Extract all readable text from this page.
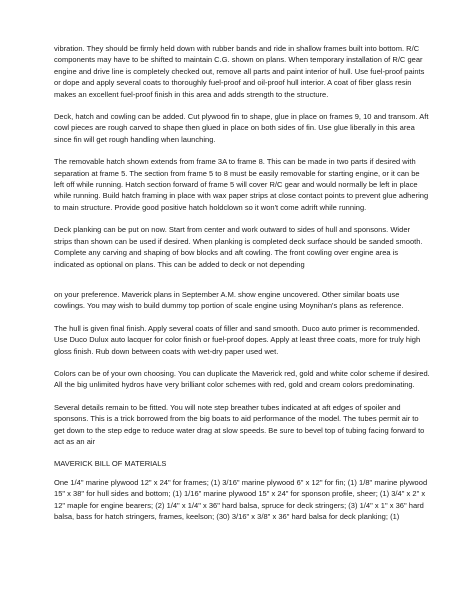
vibration. They should be firmly held down with rubber bands and ride in shallow frames built into bottom. R/C components may have to be shifted to maintain C.G. shown on plans. When temporary installation of R/C gear engine and drive line is completely checked out, remove all parts and paint interior of hull. Use fuel-proof paints or dope and apply several coats to thoroughly fuel-proof and oil-proof hull interior. A coat of fiber glass resin makes an excellent fuel-proof finish in this area and adds strength to the structure.

Deck, hatch and cowling can be added. Cut plywood fin to shape, glue in place on frames 9, 10 and transom. Aft cowl pieces are rough carved to shape then glued in place on both sides of fin. Use glue liberally in this area since fin will get rough handling when launching.

The removable hatch shown extends from frame 3A to frame 8. This can be made in two parts if desired with separation at frame 5. The section from frame 5 to 8 must be easily removable for starting engine, or it can be left off while running. Hatch section forward of frame 5 will cover R/C gear and would normally be left in place while running. Build hatch framing in place with wax paper strips at close contact points to prevent glue adhering to main structure. Provide good positive hatch holdclown so it won't come adrift while running.

Deck planking can be put on now. Start from center and work outward to sides of hull and sponsons. Wider strips than shown can be used if desired. When planking is completed deck surface should be sanded smooth. Complete any carving and shaping of bow blocks and aft cowling. The front cowling over engine area is indicated as optional on plans. This can be added to deck or not depending

on your preference. Maverick plans in September A.M. show engine uncovered. Other similar boats use cowlings. You may wish to build dummy top portion of scale engine using Moynihan's plans as reference.

The hull is given final finish. Apply several coats of filler and sand smooth. Duco auto primer is recommended. Use Duco Dulux auto lacquer for color finish or fuel-proof dopes. Apply at least three coats, more for truly high gloss finish. Rub down between coats with wet-dry paper used wet.

Colors can be of your own choosing. You can duplicate the Maverick red, gold and white color scheme if desired. All the big unlimited hydros have very brilliant color schemes with red, gold and cream colors predominating.

Several details remain to be fitted. You will note step breather tubes indicated at aft edges of spoiler and sponsons. This is a trick borrowed from the big boats to aid performance of the model. The tubes permit air to get down to the step edge to reduce water drag at slow speeds. Be sure to bevel top of tubing facing forward to act as an air

MAVERICK BILL OF MATERIALS

One 1/4" marine plywood 12" x 24" for frames; (1) 3/16" marine plywood 6" x 12" for fin; (1) 1/8" marine plywood 15" x 38" for hull sides and bottom; (1) 1/16" marine plywood 15" x 24" for sponson profile, sheer; (1) 3/4" x 2" x 12" maple for engine bearers; (2) 1/4" x 1/4" x 36" hard balsa, spruce for deck stringers; (3) 1/4" x 1" x 36" hard balsa, bass for hatch stringers, frames, keelson; (30) 3/16" x 3/8" x 36" hard balsa for deck planking; (1)
